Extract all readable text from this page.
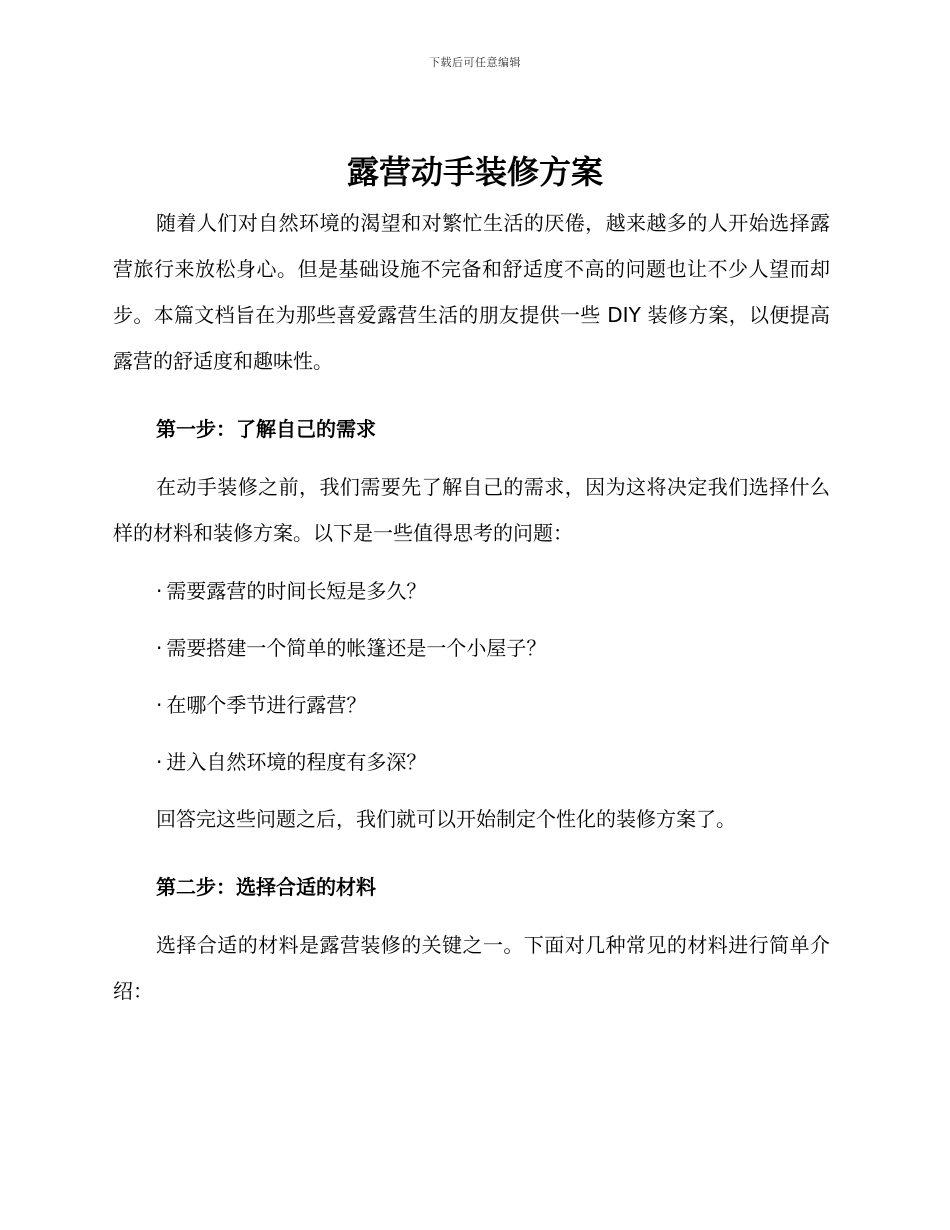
下载后可任意编辑
露营动手装修方案

随着人们对自然环境的渴望和对繁忙生活的厌倦，越来越多的人开始选择露营旅行来放松身心。但是基础设施不完备和舒适度不高的问题也让不少人望而却步。本篇文档旨在为那些喜爱露营生活的朋友提供一些 DIY 装修方案，以便提高露营的舒适度和趣味性。

第一步：了解自己的需求

在动手装修之前，我们需要先了解自己的需求，因为这将决定我们选择什么样的材料和装修方案。以下是一些值得思考的问题：

· 需要露营的时间长短是多久？
· 需要搭建一个简单的帐篷还是一个小屋子？
· 在哪个季节进行露营？
· 进入自然环境的程度有多深？

回答完这些问题之后，我们就可以开始制定个性化的装修方案了。

第二步：选择合适的材料

选择合适的材料是露营装修的关键之一。下面对几种常见的材料进行简单介绍：
